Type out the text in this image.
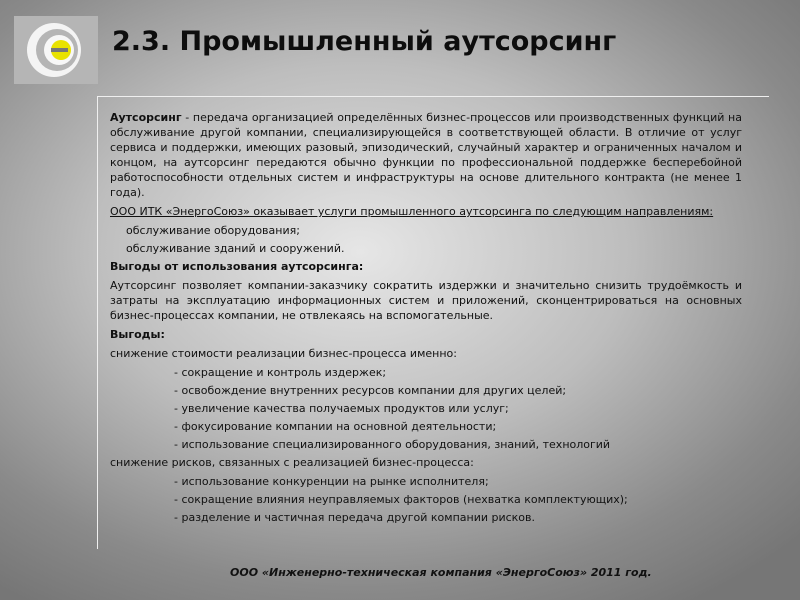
2.3. Промышленный аутсорсинг

Аутсорсинг - передача организацией определённых бизнес-процессов или производственных функций на обслуживание другой компании, специализирующейся в соответствующей области. В отличие от услуг сервиса и поддержки, имеющих разовый, эпизодический, случайный характер и ограниченных началом и концом, на аутсорсинг передаются обычно функции по профессиональной поддержке бесперебойной работоспособности отдельных систем и инфраструктуры на основе длительного контракта (не менее 1 года).

ООО ИТК «ЭнергоСоюз» оказывает услуги промышленного аутсорсинга по следующим направлениям:

обслуживание оборудования;

обслуживание зданий и сооружений.

Выгоды от использования аутсорсинга:

Аутсорсинг позволяет компании-заказчику сократить издержки и значительно снизить трудоёмкость и затраты на эксплуатацию информационных систем и приложений, сконцентрироваться на основных бизнес-процессах компании, не отвлекаясь на вспомогательные.

Выгоды:

снижение стоимости реализации бизнес-процесса именно:

- сокращение и контроль издержек;

- освобождение внутренних ресурсов компании для других целей;

- увеличение качества получаемых продуктов или услуг;

- фокусирование компании на основной деятельности;

- использование специализированного оборудования, знаний, технологий

снижение рисков, связанных с реализацией бизнес-процесса:

- использование конкуренции на рынке исполнителя;

- сокращение влияния неуправляемых факторов (нехватка комплектующих);

- разделение и частичная передача другой компании рисков.

ООО «Инженерно-техническая компания «ЭнергоСоюз» 2011 год.
